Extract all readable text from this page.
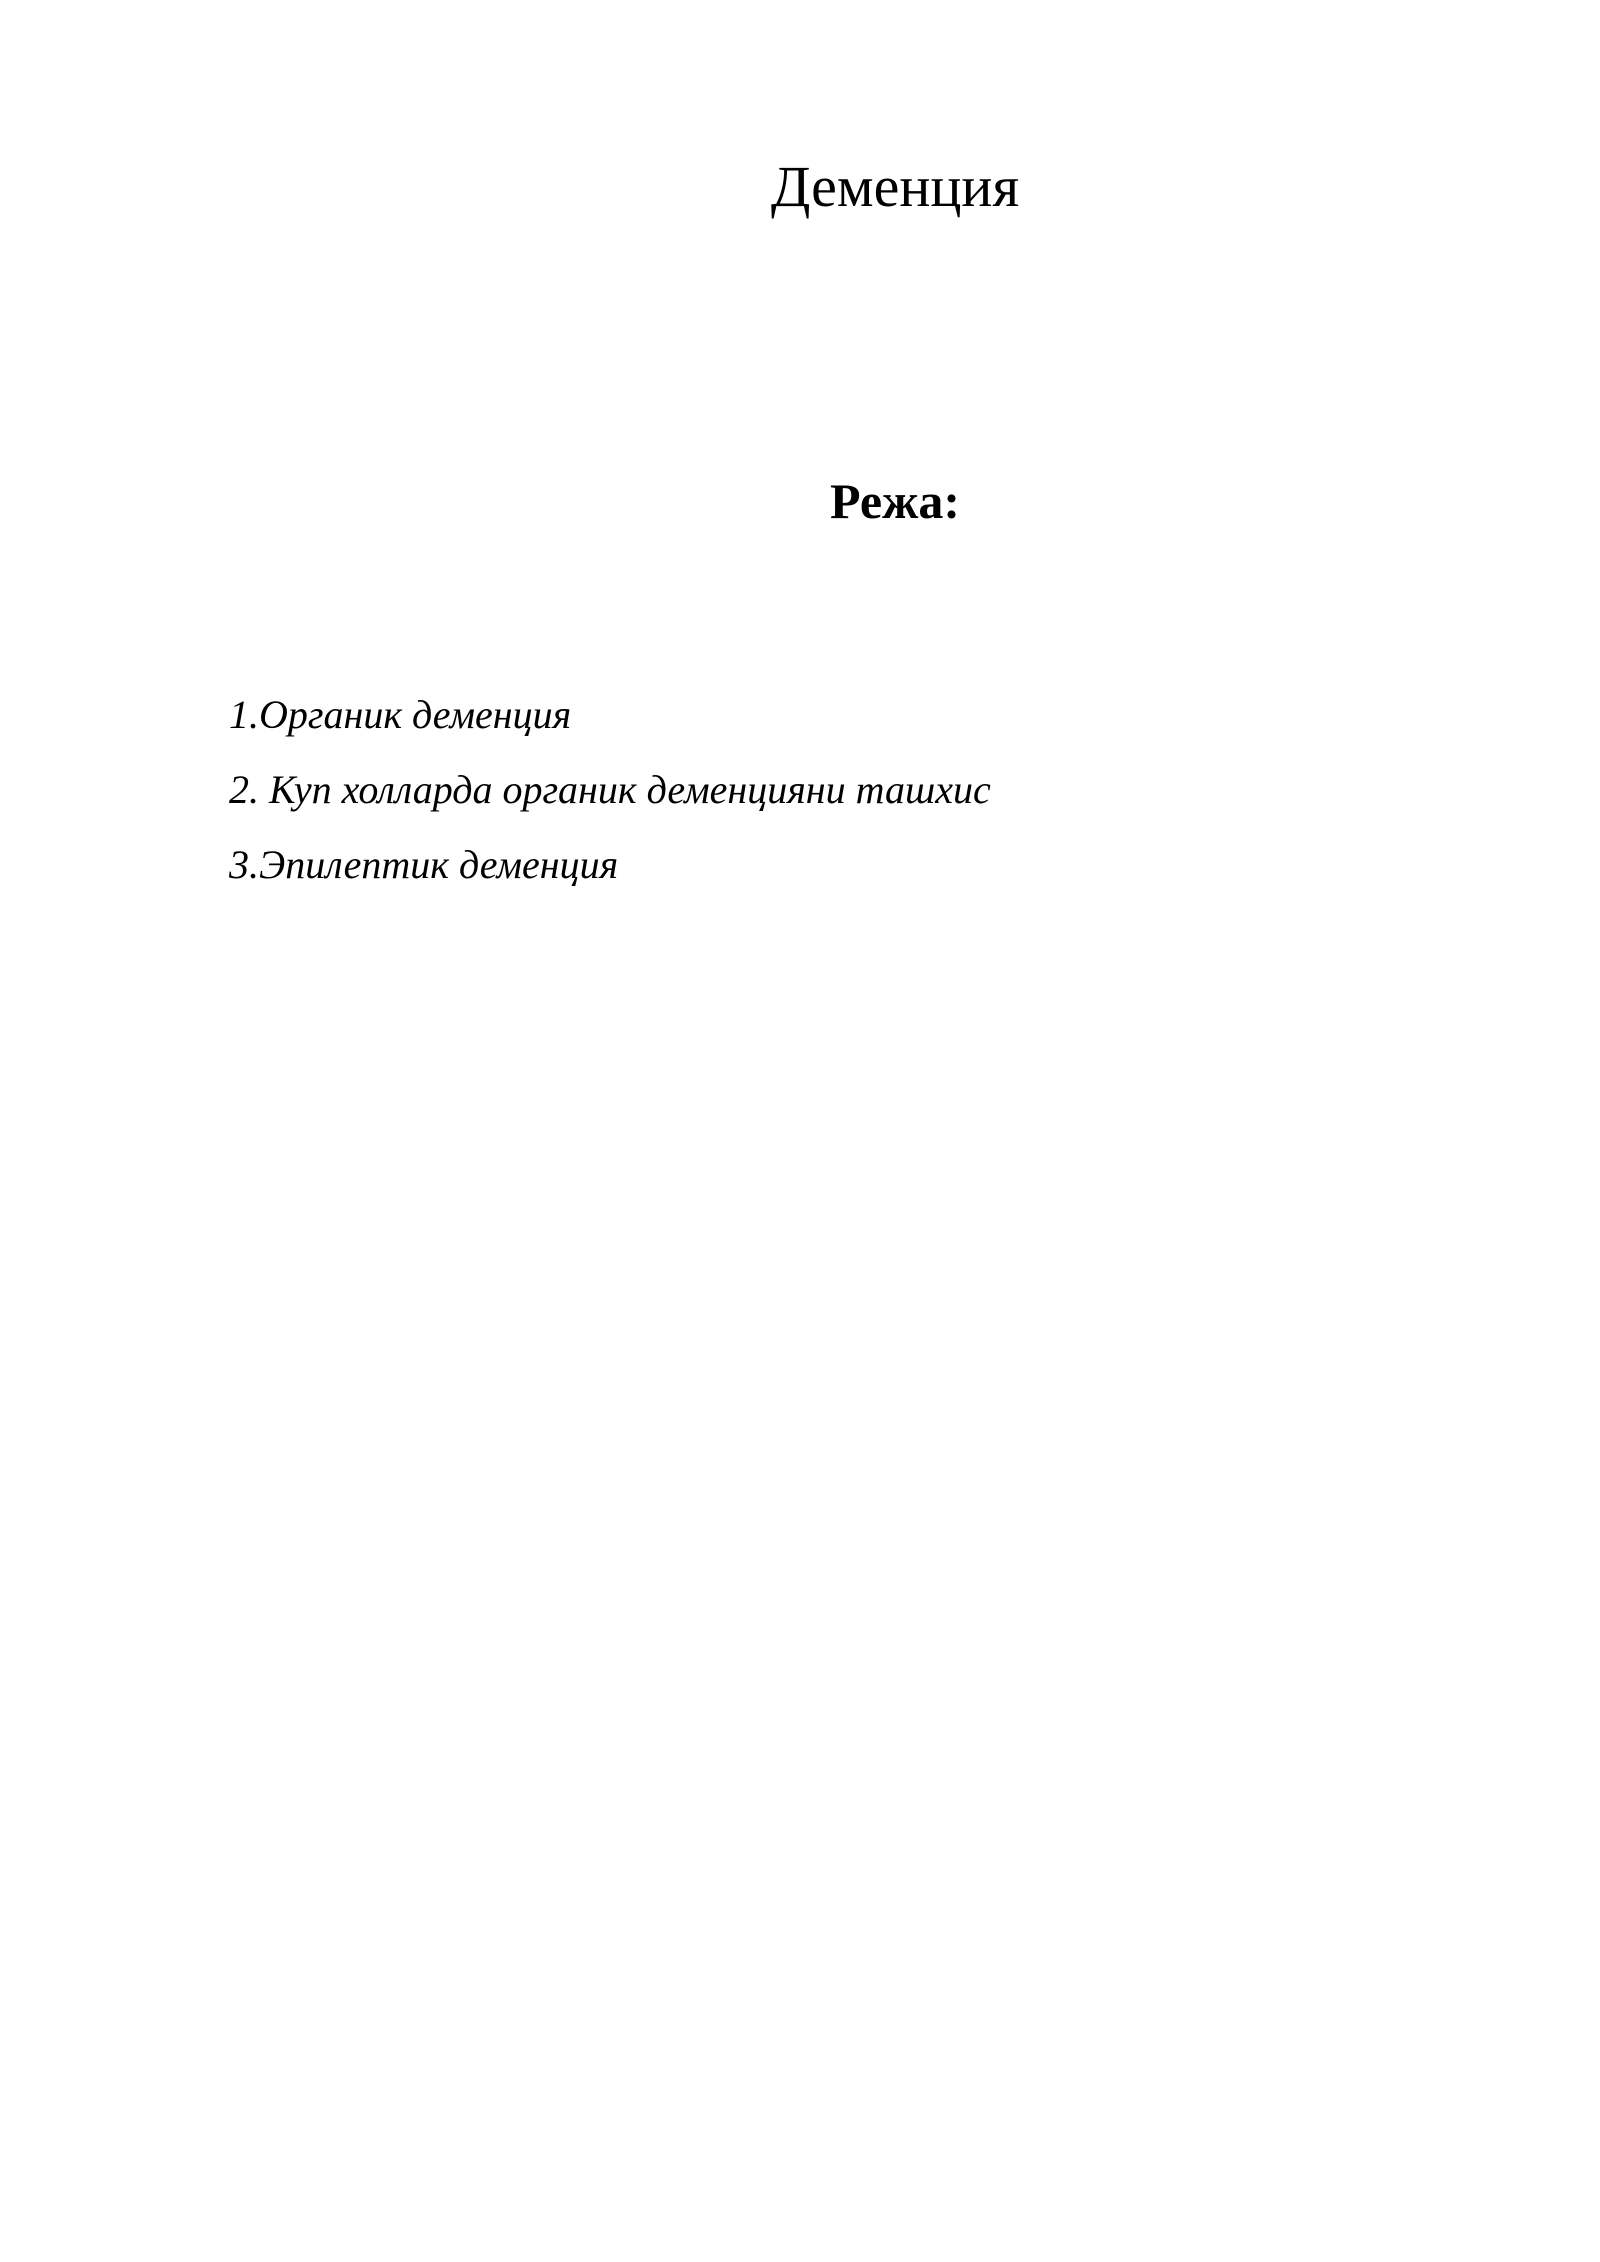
Деменция
Режа:
1.Органик деменция
2. Куп холларда органик деменцияни ташхис
3.Эпилептик деменция
